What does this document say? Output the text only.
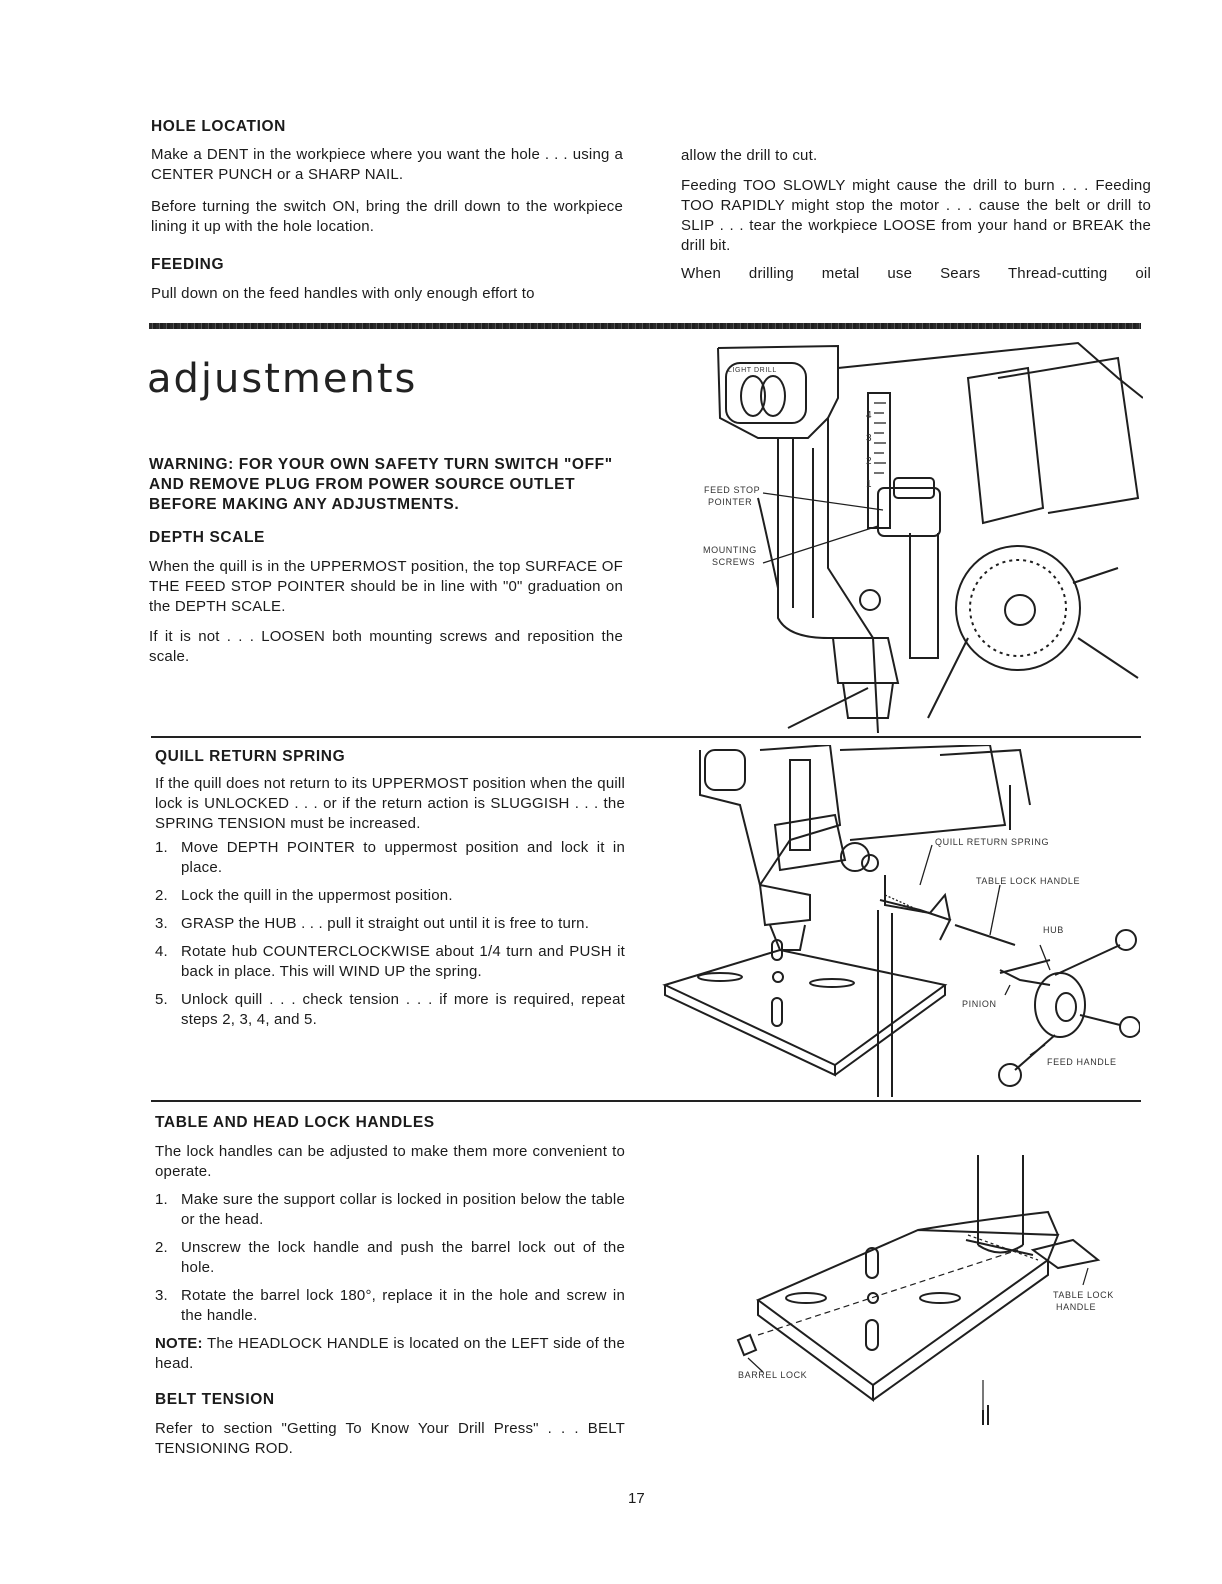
HOLE LOCATION

Make a DENT in the workpiece where you want the hole . . . using a CENTER PUNCH or a SHARP NAIL.

Before turning the switch ON, bring the drill down to the workpiece lining it up with the hole location.

FEEDING

Pull down on the feed handles with only enough effort to

allow the drill to cut.

Feeding TOO SLOWLY might cause the drill to burn . . . Feeding TOO RAPIDLY might stop the motor . . . cause the belt or drill to SLIP . . . tear the workpiece LOOSE from your hand or BREAK the drill bit.

When drilling metal use Sears Thread-cutting oil

adjustments

WARNING: FOR YOUR OWN SAFETY TURN SWITCH "OFF" AND REMOVE PLUG FROM POWER SOURCE OUTLET BEFORE MAKING ANY ADJUSTMENTS.

DEPTH SCALE

When the quill is in the UPPERMOST position, the top SURFACE OF THE FEED STOP POINTER should be in line with "0" graduation on the DEPTH SCALE.

If it is not . . . LOOSEN both mounting screws and reposition the scale.

4
3
2
1
LIGHT DRILL
FEED STOP
POINTER
MOUNTING
SCREWS
QUILL RETURN SPRING

If the quill does not return to its UPPERMOST position when the quill lock is UNLOCKED . . . or if the return action is SLUGGISH . . . the SPRING TENSION must be increased.

1. Move DEPTH POINTER to uppermost position and lock it in place.
2. Lock the quill in the uppermost position.
3. GRASP the HUB . . . pull it straight out until it is free to turn.
4. Rotate hub COUNTERCLOCKWISE about 1/4 turn and PUSH it back in place. This will WIND UP the spring.
5. Unlock quill . . . check tension . . . if more is required, repeat steps 2, 3, 4, and 5.
QUILL RETURN SPRING
TABLE LOCK HANDLE
HUB
PINION
FEED HANDLE
TABLE AND HEAD LOCK HANDLES

The lock handles can be adjusted to make them more convenient to operate.

1. Make sure the support collar is locked in position below the table or the head.
2. Unscrew the lock handle and push the barrel lock out of the hole.
3. Rotate the barrel lock 180°, replace it in the hole and screw in the handle.

NOTE: The HEADLOCK HANDLE is located on the LEFT side of the head.

BELT TENSION

Refer to section "Getting To Know Your Drill Press" . . . BELT TENSIONING ROD.

TABLE LOCK
HANDLE
BARREL LOCK
17
